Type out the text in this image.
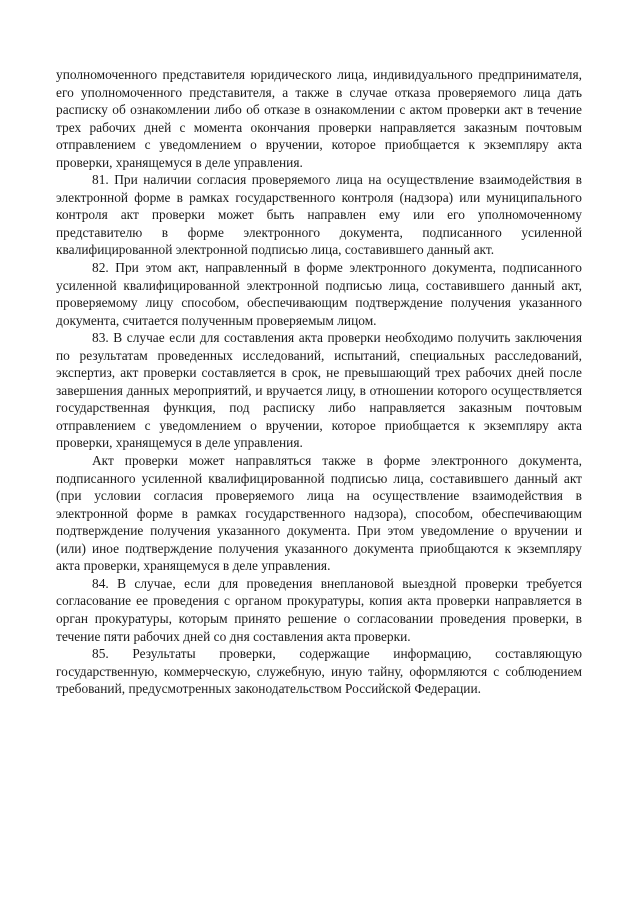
уполномоченного представителя юридического лица, индивидуального предпринимателя, его уполномоченного представителя, а также в случае отказа проверяемого лица дать расписку об ознакомлении либо об отказе в ознакомлении с актом проверки акт в течение трех рабочих дней с момента окончания проверки направляется заказным почтовым отправлением с уведомлением о вручении, которое приобщается к экземпляру акта проверки, хранящемуся в деле управления.

81. При наличии согласия проверяемого лица на осуществление взаимодействия в электронной форме в рамках государственного контроля (надзора) или муниципального контроля акт проверки может быть направлен ему или его уполномоченному представителю в форме электронного документа, подписанного усиленной квалифицированной электронной подписью лица, составившего данный акт.

82. При этом акт, направленный в форме электронного документа, подписанного усиленной квалифицированной электронной подписью лица, составившего данный акт, проверяемому лицу способом, обеспечивающим подтверждение получения указанного документа, считается полученным проверяемым лицом.

83. В случае если для составления акта проверки необходимо получить заключения по результатам проведенных исследований, испытаний, специальных расследований, экспертиз, акт проверки составляется в срок, не превышающий трех рабочих дней после завершения данных мероприятий, и вручается лицу, в отношении которого осуществляется государственная функция, под расписку либо направляется заказным почтовым отправлением с уведомлением о вручении, которое приобщается к экземпляру акта проверки, хранящемуся в деле управления.

Акт проверки может направляться также в форме электронного документа, подписанного усиленной квалифицированной подписью лица, составившего данный акт (при условии согласия проверяемого лица на осуществление взаимодействия в электронной форме в рамках государственного надзора), способом, обеспечивающим подтверждение получения указанного документа. При этом уведомление о вручении и (или) иное подтверждение получения указанного документа приобщаются к экземпляру акта проверки, хранящемуся в деле управления.

84. В случае, если для проведения внеплановой выездной проверки требуется согласование ее проведения с органом прокуратуры, копия акта проверки направляется в орган прокуратуры, которым принято решение о согласовании проведения проверки, в течение пяти рабочих дней со дня составления акта проверки.

85. Результаты проверки, содержащие информацию, составляющую государственную, коммерческую, служебную, иную тайну, оформляются с соблюдением требований, предусмотренных законодательством Российской Федерации.
